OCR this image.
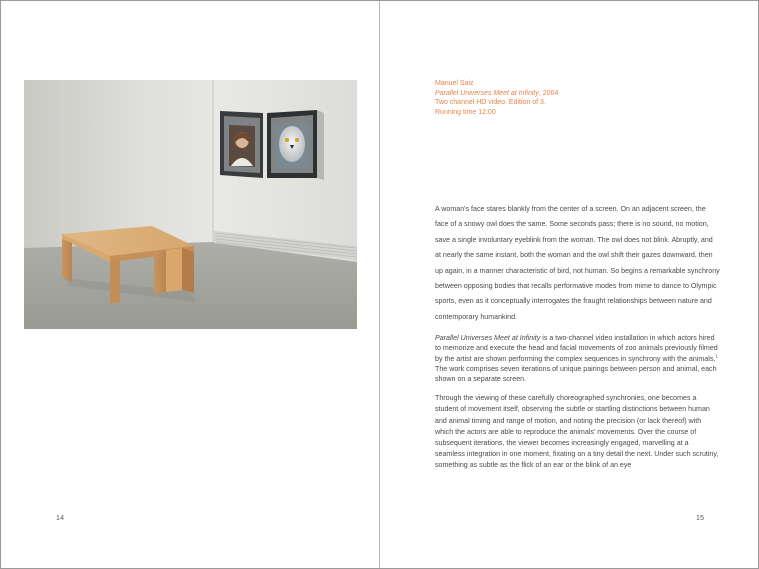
14
Manuel Saiz
Parallel Universes Meet at Infinity, 2004
Two channel HD video. Edition of 3.
Running time 12:00

A woman's face stares blankly from the center of a screen. On an adjacent screen, the face of a snowy owl does the same. Some seconds pass; there is no sound, no motion, save a single involuntary eyeblink from the woman. The owl does not blink. Abruptly, and at nearly the same instant, both the woman and the owl shift their gazes downward, then up again, in a manner characteristic of bird, not human. So begins a remarkable synchrony between opposing bodies that recalls performative modes from mime to dance to Olympic sports, even as it conceptually interrogates the fraught relationships between nature and contemporary humankind.

Parallel Universes Meet at Infinity is a two-channel video installation in which actors hired to memorize and execute the head and facial movements of zoo animals previously filmed by the artist are shown performing the complex sequences in synchrony with the animals.$^1$ The work comprises seven iterations of unique pairings between person and animal, each shown on a separate screen.

Through the viewing of these carefully choreographed synchronies, one becomes a student of movement itself, observing the subtle or startling distinctions between human and animal timing and range of motion, and noting the precision (or lack thereof) with which the actors are able to reproduce the animals' movements. Over the course of subsequent iterations, the viewer becomes increasingly engaged, marvelling at a seamless integration in one moment, fixating on a tiny detail the next. Under such scrutiny, something as subtle as the flick of an ear or the blink of an eye

15
